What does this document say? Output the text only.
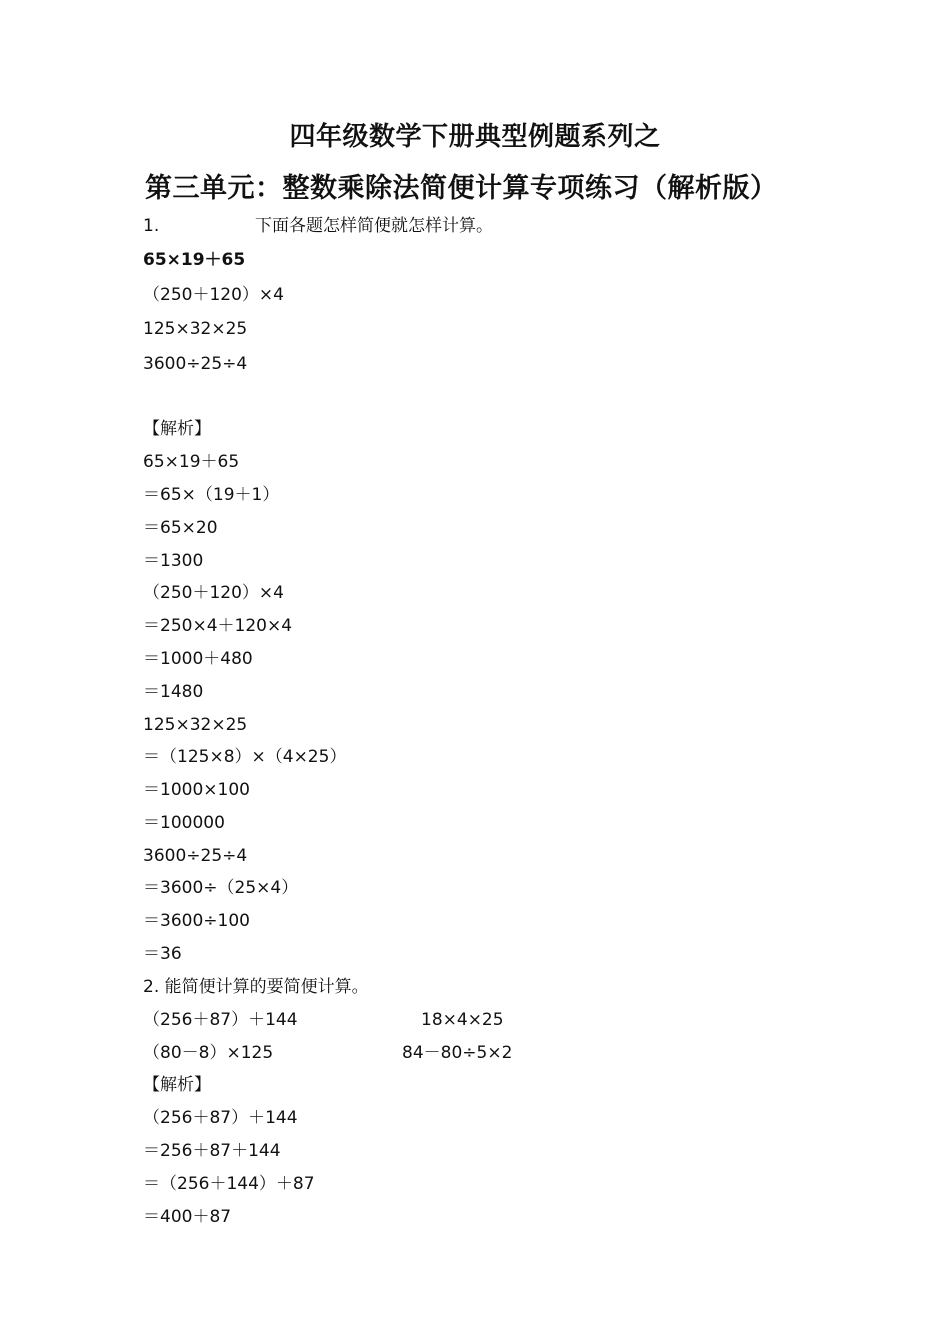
四年级数学下册典型例题系列之
第三单元：整数乘除法简便计算专项练习（解析版）
1.	下面各题怎样简便就怎样计算。
65×19＋65
（250＋120）×4
125×32×25
3600÷25÷4
【解析】
65×19＋65
＝65×（19＋1）
＝65×20
＝1300
（250＋120）×4
＝250×4＋120×4
＝1000＋480
＝1480
125×32×25
＝（125×8）×（4×25）
＝1000×100
＝100000
3600÷25÷4
＝3600÷（25×4）
＝3600÷100
＝36
2. 能简便计算的要简便计算。
（256＋87）＋144	18×4×25
（80－8）×125	84－80÷5×2
【解析】
（256＋87）＋144
＝256＋87＋144
＝（256＋144）＋87
＝400＋87
